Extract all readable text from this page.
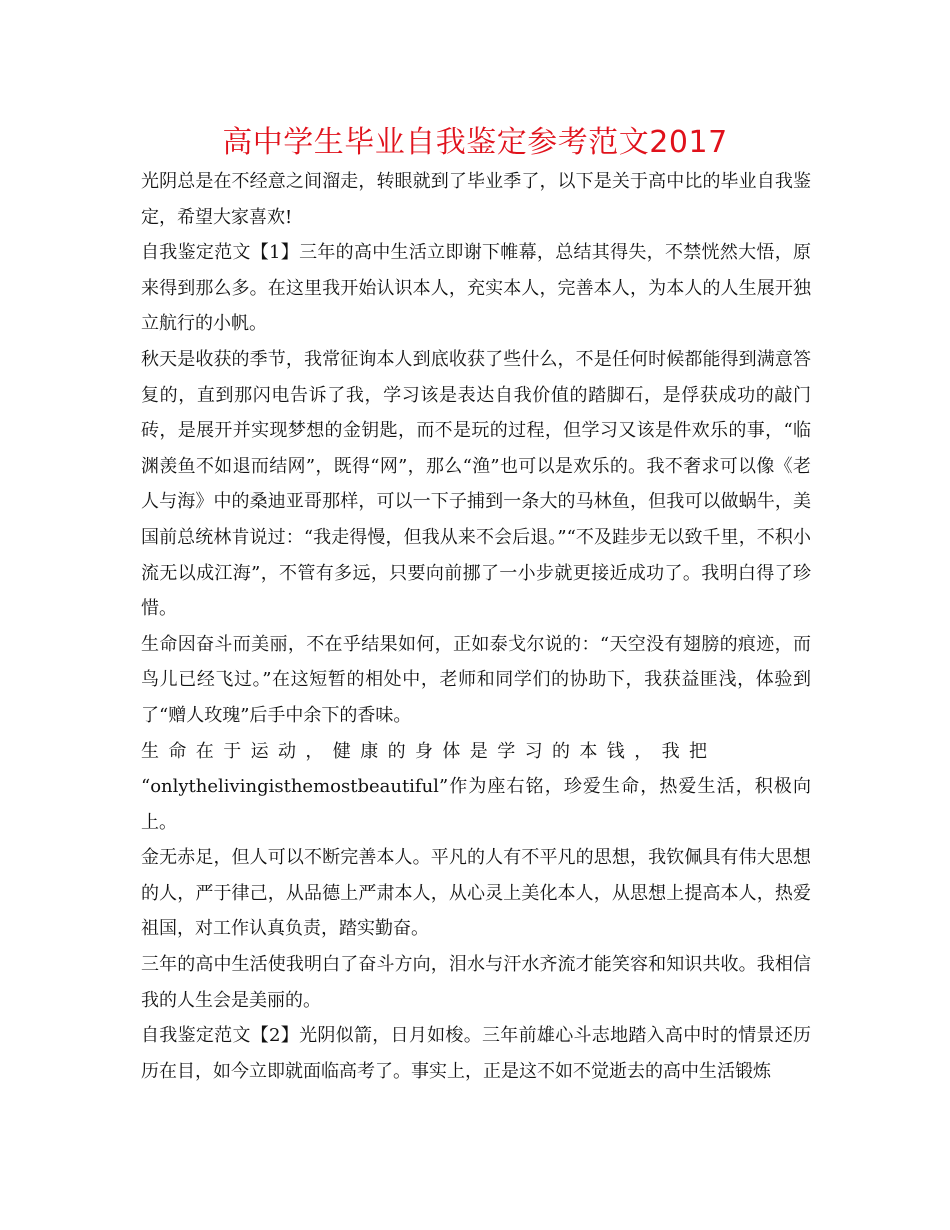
高中学生毕业自我鉴定参考范文2017

光阴总是在不经意之间溜走，转眼就到了毕业季了，以下是关于高中比的毕业自我鉴定，希望大家喜欢!

自我鉴定范文【1】三年的高中生活立即谢下帷幕，总结其得失，不禁恍然大悟，原来得到那么多。在这里我开始认识本人，充实本人，完善本人，为本人的人生展开独立航行的小帆。

秋天是收获的季节，我常征询本人到底收获了些什么，不是任何时候都能得到满意答复的，直到那闪电告诉了我，学习该是表达自我价值的踏脚石，是俘获成功的敲门砖，是展开并实现梦想的金钥匙，而不是玩的过程，但学习又该是件欢乐的事，“临渊羡鱼不如退而结网”，既得“网”，那么“渔”也可以是欢乐的。我不奢求可以像《老人与海》中的桑迪亚哥那样，可以一下子捕到一条大的马林鱼，但我可以做蜗牛，美国前总统林肯说过：“我走得慢，但我从来不会后退。”“不及跬步无以致千里，不积小流无以成江海”，不管有多远，只要向前挪了一小步就更接近成功了。我明白得了珍惜。

生命因奋斗而美丽，不在乎结果如何，正如泰戈尔说的：“天空没有翅膀的痕迹，而鸟儿已经飞过。”在这短暂的相处中，老师和同学们的协助下，我获益匪浅，体验到了“赠人玫瑰”后手中余下的香味。

生命在于运动，健康的身体是学习的本钱，我把

“onlythelivingisthemostbeautiful”作为座右铭，珍爱生命，热爱生活，积极向上。

金无赤足，但人可以不断完善本人。平凡的人有不平凡的思想，我钦佩具有伟大思想的人，严于律己，从品德上严肃本人，从心灵上美化本人，从思想上提高本人，热爱祖国，对工作认真负责，踏实勤奋。

三年的高中生活使我明白了奋斗方向，泪水与汗水齐流才能笑容和知识共收。我相信我的人生会是美丽的。

自我鉴定范文【2】光阴似箭，日月如梭。三年前雄心斗志地踏入高中时的情景还历历在目，如今立即就面临高考了。事实上，正是这不如不觉逝去的高中生活锻炼
